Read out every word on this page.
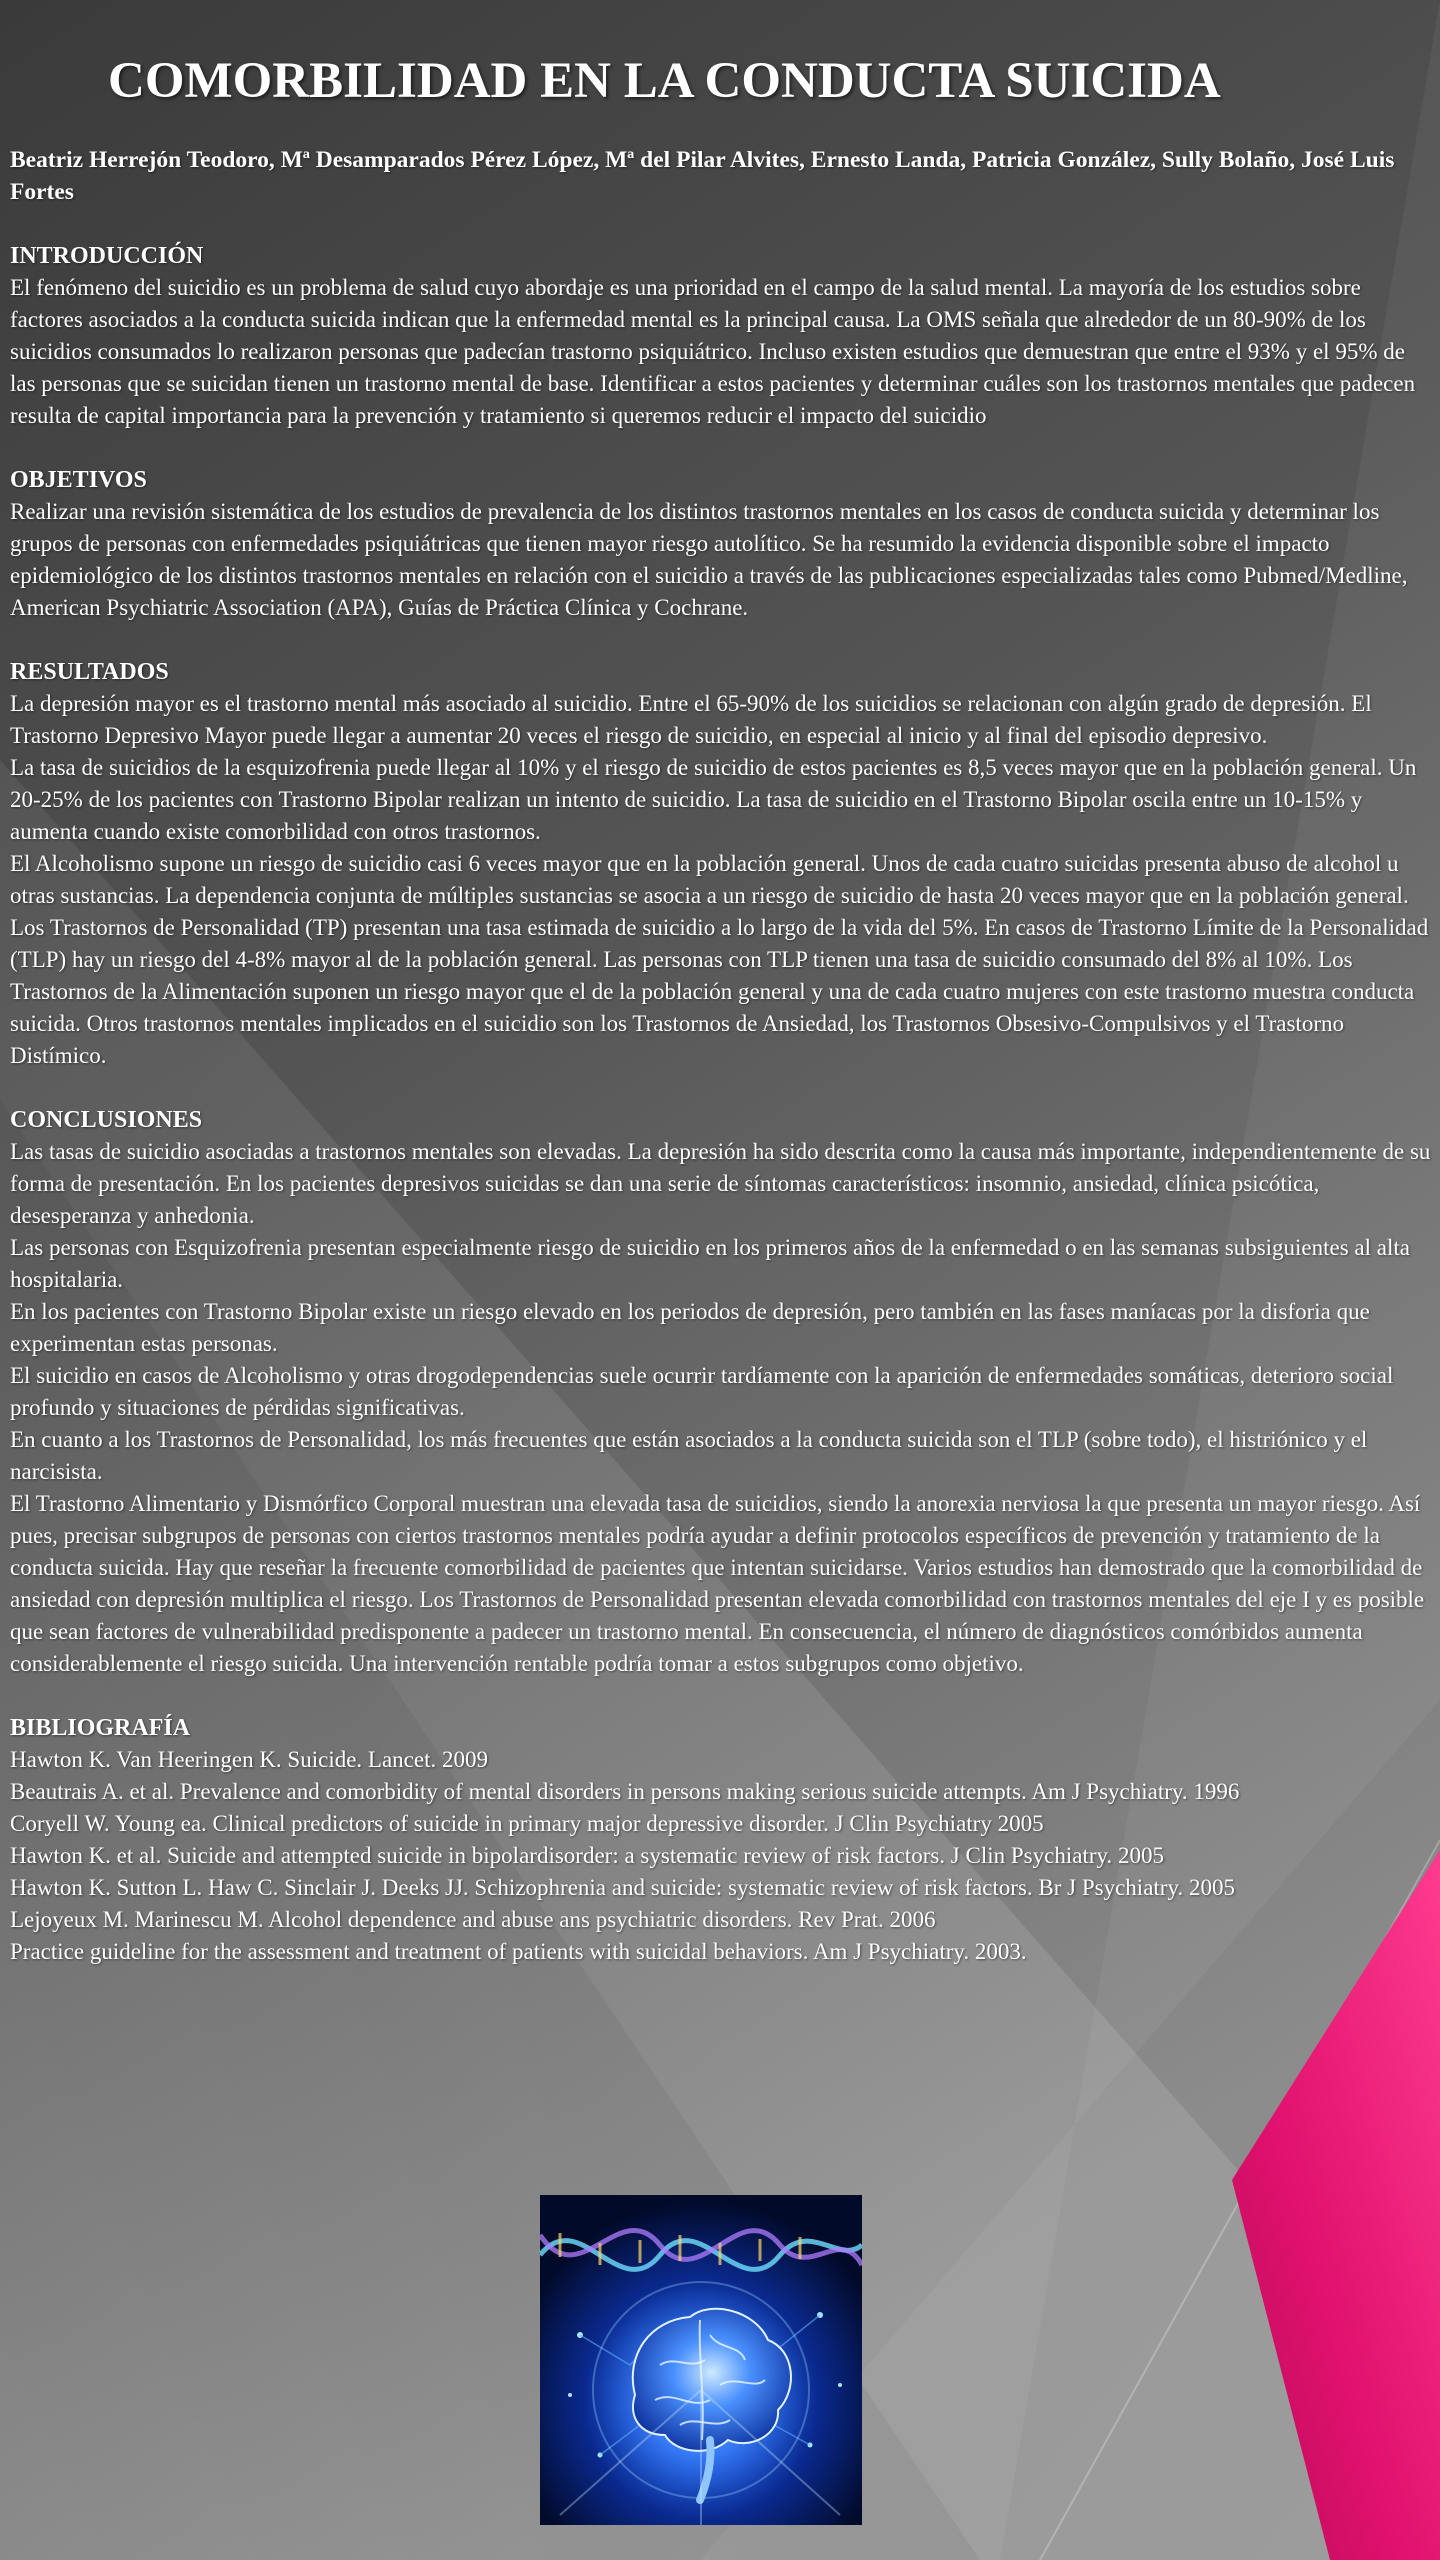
COMORBILIDAD EN LA CONDUCTA SUICIDA
Beatriz Herrejón Teodoro, Mª Desamparados Pérez López, Mª del Pilar Alvites, Ernesto Landa, Patricia González, Sully Bolaño, José Luis Fortes
INTRODUCCIÓN
El fenómeno del suicidio es un problema de salud cuyo abordaje es una prioridad en el campo de la salud mental. La mayoría de los estudios sobre factores asociados a la conducta suicida indican que la enfermedad mental es la principal causa. La OMS señala que alrededor de un 80-90% de los suicidios consumados lo realizaron personas que padecían trastorno psiquiátrico. Incluso existen estudios que demuestran que entre el 93% y el 95% de las personas que se suicidan tienen un trastorno mental de base. Identificar a estos pacientes y determinar cuáles son los trastornos mentales que padecen resulta de capital importancia para la prevención y tratamiento si queremos reducir el impacto del suicidio
OBJETIVOS
Realizar una revisión sistemática de los estudios de prevalencia de los distintos trastornos mentales en los casos de conducta suicida y determinar los grupos de personas con enfermedades psiquiátricas que tienen mayor riesgo autolítico. Se ha resumido la evidencia disponible sobre el impacto epidemiológico de los distintos trastornos mentales en relación con el suicidio a través de las publicaciones especializadas tales como Pubmed/Medline, American Psychiatric Association (APA), Guías de Práctica Clínica y Cochrane.
RESULTADOS
La depresión mayor es el trastorno mental más asociado al suicidio. Entre el 65-90% de los suicidios se relacionan con algún grado de depresión. El Trastorno Depresivo Mayor puede llegar a aumentar 20 veces el riesgo de suicidio, en especial al inicio y al final del episodio depresivo.
La tasa de suicidios de la esquizofrenia puede llegar al 10% y el riesgo de suicidio de estos pacientes es 8,5 veces mayor que en la población general. Un 20-25% de los pacientes con Trastorno Bipolar realizan un intento de suicidio. La tasa de suicidio en el Trastorno Bipolar oscila entre un 10-15% y aumenta cuando existe comorbilidad con otros trastornos.
El Alcoholismo supone un riesgo de suicidio casi 6 veces mayor que en la población general. Unos de cada cuatro suicidas presenta abuso de alcohol u otras sustancias. La dependencia conjunta de múltiples sustancias se asocia a un riesgo de suicidio de hasta 20 veces mayor que en la población general.
Los Trastornos de Personalidad (TP) presentan una tasa estimada de suicidio a lo largo de la vida del 5%. En casos de Trastorno Límite de la Personalidad (TLP) hay un riesgo del 4-8% mayor al de la población general. Las personas con TLP tienen una tasa de suicidio consumado del 8% al 10%. Los Trastornos de la Alimentación suponen un riesgo mayor que el de la población general y una de cada cuatro mujeres con este trastorno muestra conducta suicida. Otros trastornos mentales implicados en el suicidio son los Trastornos de Ansiedad, los Trastornos Obsesivo-Compulsivos y el Trastorno Distímico.
CONCLUSIONES
Las tasas de suicidio asociadas a trastornos mentales son elevadas. La depresión ha sido descrita como la causa más importante, independientemente de su forma de presentación. En los pacientes depresivos suicidas se dan una serie de síntomas característicos: insomnio, ansiedad, clínica psicótica, desesperanza y anhedonia.
Las personas con Esquizofrenia presentan especialmente riesgo de suicidio en los primeros años de la enfermedad o en las semanas subsiguientes al alta hospitalaria.
En los pacientes con Trastorno Bipolar existe un riesgo elevado en los periodos de depresión, pero también en las fases maníacas por la disforia que experimentan estas personas.
El suicidio en casos de Alcoholismo y otras drogodependencias suele ocurrir tardíamente con la aparición de enfermedades somáticas, deterioro social profundo y situaciones de pérdidas significativas.
En cuanto a los Trastornos de Personalidad, los más frecuentes que están asociados a la conducta suicida son el TLP (sobre todo), el histriónico y el narcisista.
El Trastorno Alimentario y Dismórfico Corporal muestran una elevada tasa de suicidios, siendo la anorexia nerviosa la que presenta un mayor riesgo. Así pues, precisar subgrupos de personas con ciertos trastornos mentales podría ayudar a definir protocolos específicos de prevención y tratamiento de la conducta suicida. Hay que reseñar la frecuente comorbilidad de pacientes que intentan suicidarse. Varios estudios han demostrado que la comorbilidad de ansiedad con depresión multiplica el riesgo. Los Trastornos de Personalidad presentan elevada comorbilidad con trastornos mentales del eje I y es posible que sean factores de vulnerabilidad predisponente a padecer un trastorno mental. En consecuencia, el número de diagnósticos comórbidos aumenta considerablemente el riesgo suicida. Una intervención rentable podría tomar a estos subgrupos como objetivo.
BIBLIOGRAFÍA
Hawton K. Van Heeringen K. Suicide. Lancet. 2009
Beautrais A. et al. Prevalence and comorbidity of mental disorders in persons making serious suicide attempts. Am J Psychiatry. 1996
Coryell W. Young ea. Clinical predictors of suicide in primary major depressive disorder. J Clin Psychiatry 2005
Hawton K. et al. Suicide and attempted suicide in bipolardisorder: a systematic review of risk factors. J Clin Psychiatry. 2005
Hawton K. Sutton L. Haw C. Sinclair J. Deeks JJ. Schizophrenia and suicide: systematic review of risk factors. Br J Psychiatry. 2005
Lejoyeux M. Marinescu M. Alcohol dependence and abuse ans psychiatric disorders. Rev Prat. 2006
Practice guideline for the assessment and treatment of patients with suicidal behaviors. Am J Psychiatry. 2003.
